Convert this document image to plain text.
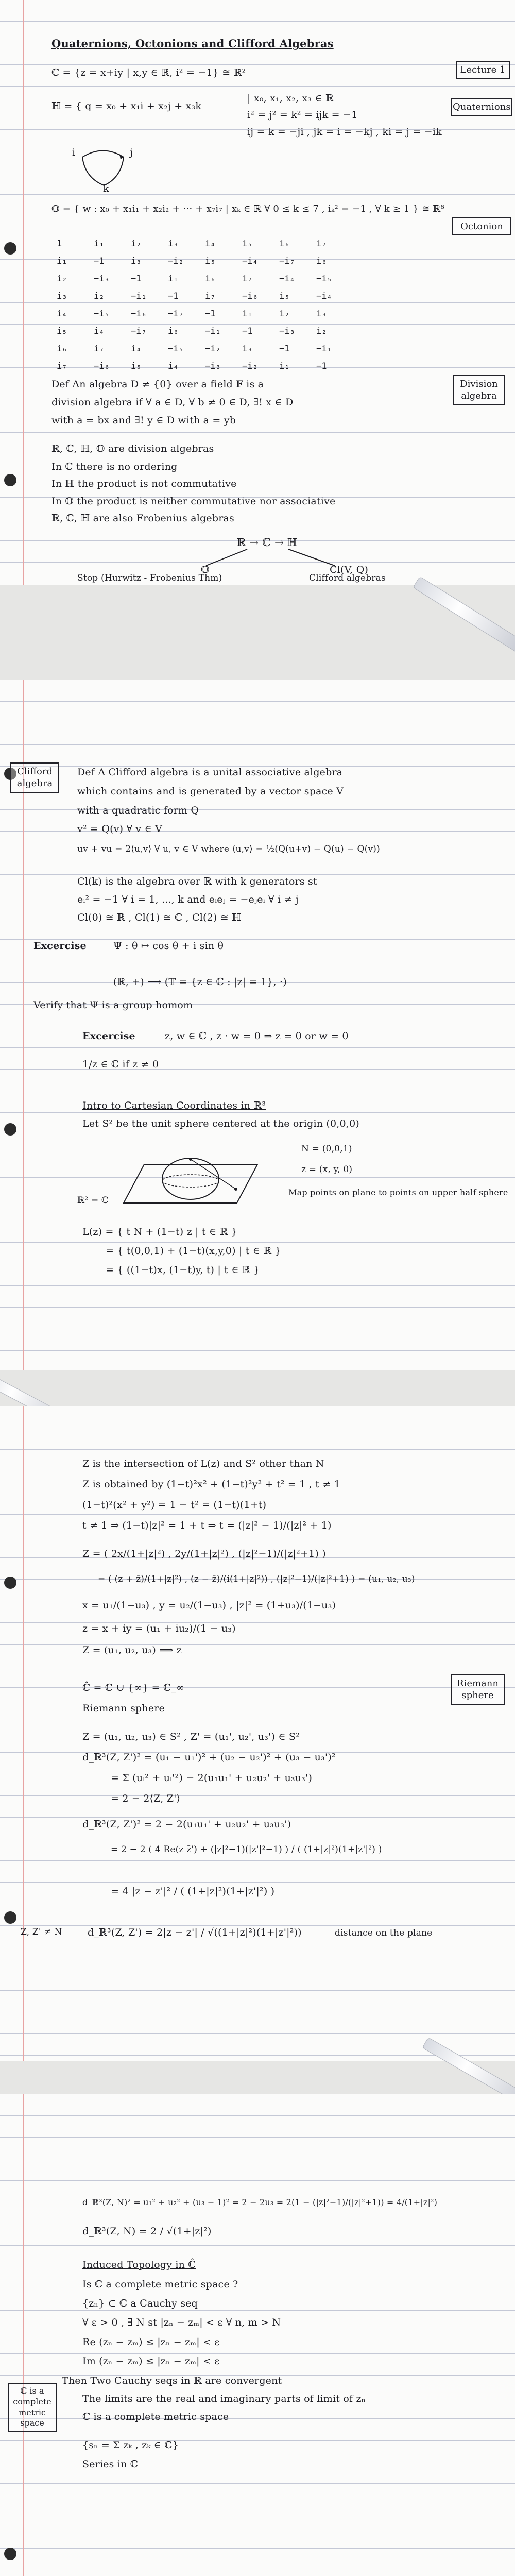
Quaternions, Octonions and Clifford Algebras
ℂ = {z = x+iy | x,y ∈ ℝ, i² = −1} ≅ ℝ²
ℍ = { q = x₀ + x₁i + x₂j + x₃k
| x₀, x₁, x₂, x₃ ∈ ℝ
i² = j² = k² = ijk = −1
ij = k = −ji , jk = i = −kj , ki = j = −ik
Lecture 1
Quaternions
i	j
k
𝕆 = { w : x₀ + x₁i₁ + x₂i₂ + ··· + x₇i₇ | xₖ ∈ ℝ ∀ 0 ≤ k ≤ 7 , iₖ² = −1 , ∀ k ≥ 1 } ≅ ℝ⁸
Octonion
1	i₁	i₂	i₃	i₄	i₅	i₆	i₇
i₁	−1	i₃	−i₂	i₅	−i₄	−i₇	i₆
i₂	−i₃	−1	i₁	i₆	i₇	−i₄	−i₅
i₃	i₂	−i₁	−1	i₇	−i₆	i₅	−i₄
i₄	−i₅	−i₆	−i₇	−1	i₁	i₂	i₃
i₅	i₄	−i₇	i₆	−i₁	−1	−i₃	i₂
i₆	i₇	i₄	−i₅	−i₂	i₃	−1	−i₁
i₇	−i₆	i₅	i₄	−i₃	−i₂	i₁	−1
Def An algebra D ≠ {0} over a field 𝔽 is a
division algebra if ∀ a ∈ D, ∀ b ≠ 0 ∈ D, ∃! x ∈ D
with a = bx and ∃! y ∈ D with a = yb
Division algebra
ℝ, ℂ, ℍ, 𝕆 are division algebras
In ℂ there is no ordering
In ℍ the product is not commutative
In 𝕆 the product is neither commutative nor associative
ℝ, ℂ, ℍ are also Frobenius algebras
ℝ → ℂ → ℍ
𝕆	Cl(V, Q)
Stop (Hurwitz - Frobenius Thm)	Clifford algebras
Clifford algebra
Def A Clifford algebra is a unital associative algebra
which contains and is generated by a vector space V
with a quadratic form Q
v² = Q(v) ∀ v ∈ V
uv + vu = 2⟨u,v⟩ ∀ u, v ∈ V where ⟨u,v⟩ = ½(Q(u+v) − Q(u) − Q(v))
Cl(k) is the algebra over ℝ with k generators st
eᵢ² = −1 ∀ i = 1, ..., k and eᵢeⱼ = −eⱼeᵢ ∀ i ≠ j
Cl(0) ≅ ℝ , Cl(1) ≅ ℂ , Cl(2) ≅ ℍ
Excercise	Ψ : θ ↦ cos θ + i sin θ
(ℝ, +) ⟶ (𝕋 = {z ∈ ℂ : |z| = 1}, ·)
Verify that Ψ is a group homom
Excercise	z, w ∈ ℂ , z · w = 0 ⇒ z = 0 or w = 0
1/z ∈ ℂ if z ≠ 0
Intro to Cartesian Coordinates in ℝ³
Let S² be the unit sphere centered at the origin (0,0,0)
N = (0,0,1)
z = (x, y, 0)
ℝ² = ℂ
Map points on plane to points on upper half sphere
L(z) = { t N + (1−t) z | t ∈ ℝ }
= { t(0,0,1) + (1−t)(x,y,0) | t ∈ ℝ }
= { ((1−t)x, (1−t)y, t) | t ∈ ℝ }
Z is the intersection of L(z) and S² other than N
Z is obtained by (1−t)²x² + (1−t)²y² + t² = 1 , t ≠ 1
(1−t)²(x² + y²) = 1 − t² = (1−t)(1+t)
t ≠ 1 ⇒ (1−t)|z|² = 1 + t ⇒ t = (|z|² − 1)/(|z|² + 1)
Z = ( 2x/(1+|z|²) , 2y/(1+|z|²) , (|z|²−1)/(|z|²+1) )
= ( (z + z̄)/(1+|z|²) , (z − z̄)/(i(1+|z|²)) , (|z|²−1)/(|z|²+1) ) = (u₁, u₂, u₃)
x = u₁/(1−u₃) , y = u₂/(1−u₃) , |z|² = (1+u₃)/(1−u₃)
z = x + iy = (u₁ + iu₂)/(1 − u₃)
Z = (u₁, u₂, u₃) ⟹ z
ℂ̂ = ℂ ∪ {∞} = ℂ_∞
Riemann sphere
Riemann sphere
Z = (u₁, u₂, u₃) ∈ S² , Z' = (u₁', u₂', u₃') ∈ S²
d_ℝ³(Z, Z')² = (u₁ − u₁')² + (u₂ − u₂')² + (u₃ − u₃')²
= Σ (uᵢ² + uᵢ'²) − 2(u₁u₁' + u₂u₂' + u₃u₃')
= 2 − 2⟨Z, Z'⟩
d_ℝ³(Z, Z')² = 2 − 2(u₁u₁' + u₂u₂' + u₃u₃')
= 2 − 2 ( 4 Re(z z̄') + (|z|²−1)(|z'|²−1) ) / ( (1+|z|²)(1+|z'|²) )
= 4 |z − z'|² / ( (1+|z|²)(1+|z'|²) )
Z, Z' ≠ N	d_ℝ³(Z, Z') = 2|z − z'| / √((1+|z|²)(1+|z'|²))	distance on the plane
d_ℝ³(Z, N)² = u₁² + u₂² + (u₃ − 1)² = 2 − 2u₃ = 2(1 − (|z|²−1)/(|z|²+1)) = 4/(1+|z|²)
d_ℝ³(Z, N) = 2 / √(1+|z|²)
Induced Topology in ℂ̂
Is ℂ a complete metric space ?
{zₙ} ⊂ ℂ a Cauchy seq
∀ ε > 0 , ∃ N st |zₙ − zₘ| < ε ∀ n, m > N
Re (zₙ − zₘ) ≤ |zₙ − zₘ| < ε
Im (zₙ − zₘ) ≤ |zₙ − zₘ| < ε
Then Two Cauchy seqs in ℝ are convergent
The limits are the real and imaginary parts of limit of zₙ
ℂ is a complete metric space
ℂ is a complete metric space
{sₙ = Σ zₖ , zₖ ∈ ℂ}
Series in ℂ
